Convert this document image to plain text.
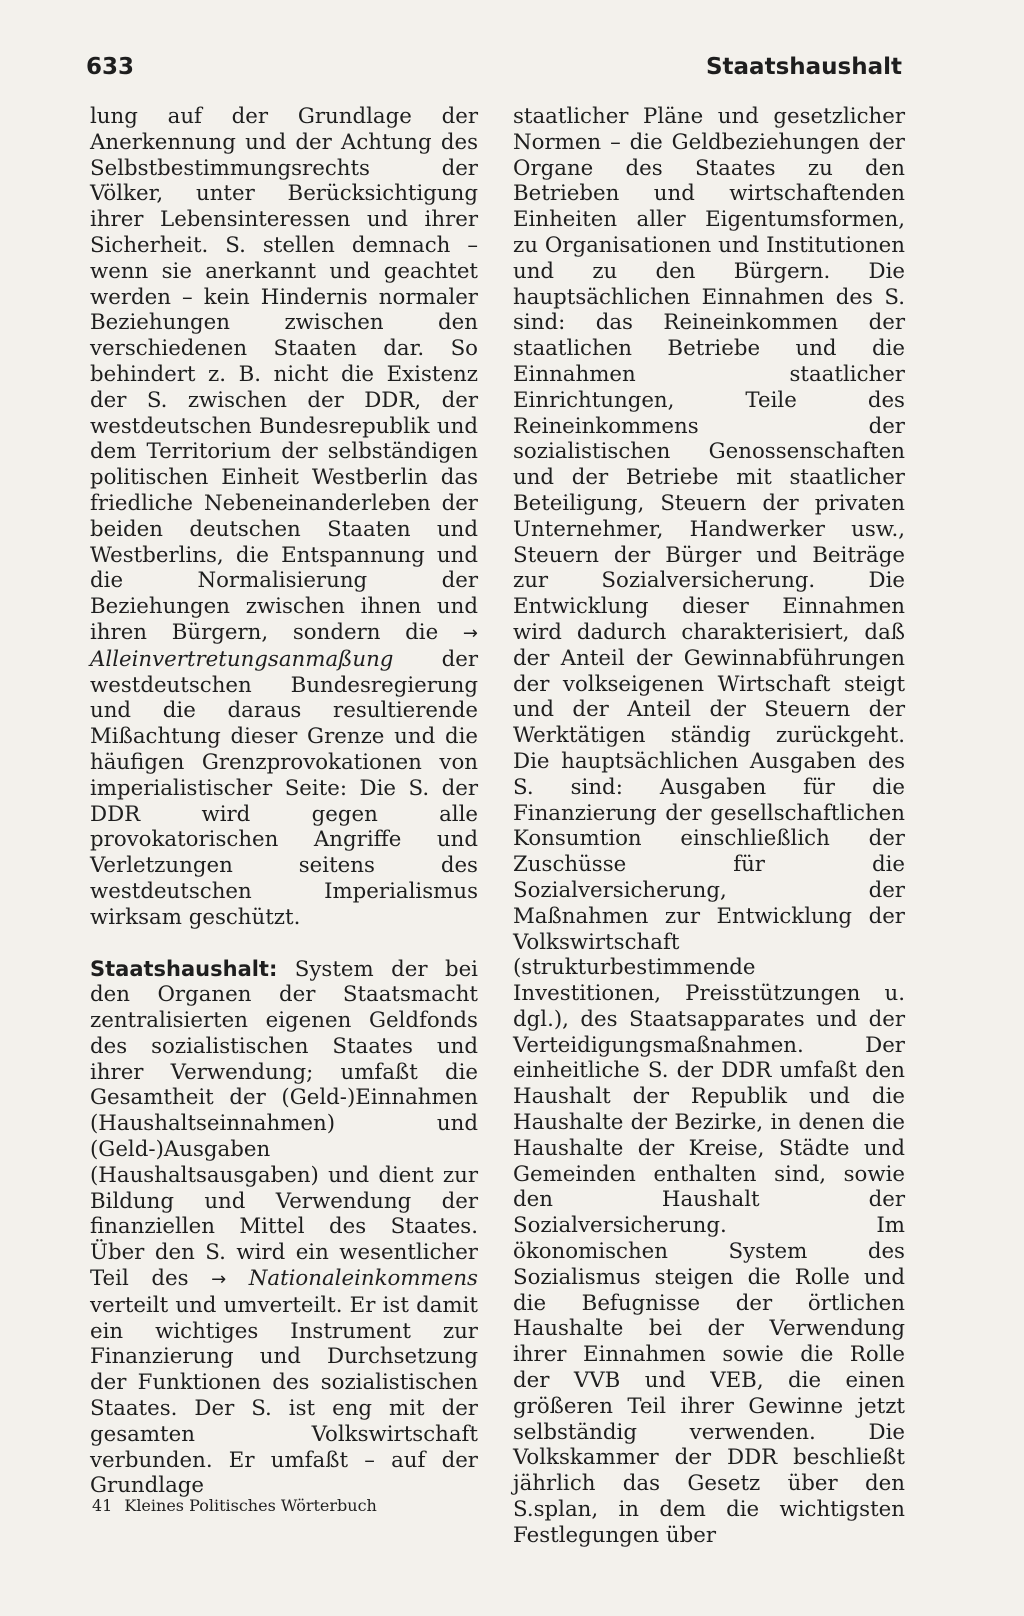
633	Staatshaushalt

lung auf der Grundlage der Anerkennung und der Achtung des Selbstbestimmungsrechts der Völker, unter Berücksichtigung ihrer Lebensinteressen und ihrer Sicherheit. S. stellen demnach – wenn sie anerkannt und geachtet werden – kein Hindernis normaler Beziehungen zwischen den verschiedenen Staaten dar. So behindert z. B. nicht die Existenz der S. zwischen der DDR, der westdeutschen Bundesrepublik und dem Territorium der selbständigen politischen Einheit Westberlin das friedliche Nebeneinanderleben der beiden deutschen Staaten und Westberlins, die Entspannung und die Normalisierung der Beziehungen zwischen ihnen und ihren Bürgern, sondern die → Alleinvertretungsanmaßung der westdeutschen Bundesregierung und die daraus resultierende Mißachtung dieser Grenze und die häufigen Grenzprovokationen von imperialistischer Seite: Die S. der DDR wird gegen alle provokatorischen Angriffe und Verletzungen seitens des westdeutschen Imperialismus wirksam geschützt.

Staatshaushalt: System der bei den Organen der Staatsmacht zentralisierten eigenen Geldfonds des sozialistischen Staates und ihrer Verwendung; umfaßt die Gesamtheit der (Geld-)Einnahmen (Haushaltseinnahmen) und (Geld-)Ausgaben (Haushaltsausgaben) und dient zur Bildung und Verwendung der finanziellen Mittel des Staates. Über den S. wird ein wesentlicher Teil des → Nationaleinkommens verteilt und umverteilt. Er ist damit ein wichtiges Instrument zur Finanzierung und Durchsetzung der Funktionen des sozialistischen Staates. Der S. ist eng mit der gesamten Volkswirtschaft verbunden. Er umfaßt – auf der Grundlage

staatlicher Pläne und gesetzlicher Normen – die Geldbeziehungen der Organe des Staates zu den Betrieben und wirtschaftenden Einheiten aller Eigentumsformen, zu Organisationen und Institutionen und zu den Bürgern. Die hauptsächlichen Einnahmen des S. sind: das Reineinkommen der staatlichen Betriebe und die Einnahmen staatlicher Einrichtungen, Teile des Reineinkommens der sozialistischen Genossenschaften und der Betriebe mit staatlicher Beteiligung, Steuern der privaten Unternehmer, Handwerker usw., Steuern der Bürger und Beiträge zur Sozialversicherung. Die Entwicklung dieser Einnahmen wird dadurch charakterisiert, daß der Anteil der Gewinnabführungen der volkseigenen Wirtschaft steigt und der Anteil der Steuern der Werktätigen ständig zurückgeht. Die hauptsächlichen Ausgaben des S. sind: Ausgaben für die Finanzierung der gesellschaftlichen Konsumtion einschließlich der Zuschüsse für die Sozialversicherung, der Maßnahmen zur Entwicklung der Volkswirtschaft (strukturbestimmende Investitionen, Preisstützungen u. dgl.), des Staatsapparates und der Verteidigungsmaßnahmen. Der einheitliche S. der DDR umfaßt den Haushalt der Republik und die Haushalte der Bezirke, in denen die Haushalte der Kreise, Städte und Gemeinden enthalten sind, sowie den Haushalt der Sozialversicherung. Im ökonomischen System des Sozialismus steigen die Rolle und die Befugnisse der örtlichen Haushalte bei der Verwendung ihrer Einnahmen sowie die Rolle der VVB und VEB, die einen größeren Teil ihrer Gewinne jetzt selbständig verwenden. Die Volkskammer der DDR beschließt jährlich das Gesetz über den S.splan, in dem die wichtigsten Festlegungen über

41 Kleines Politisches Wörterbuch
